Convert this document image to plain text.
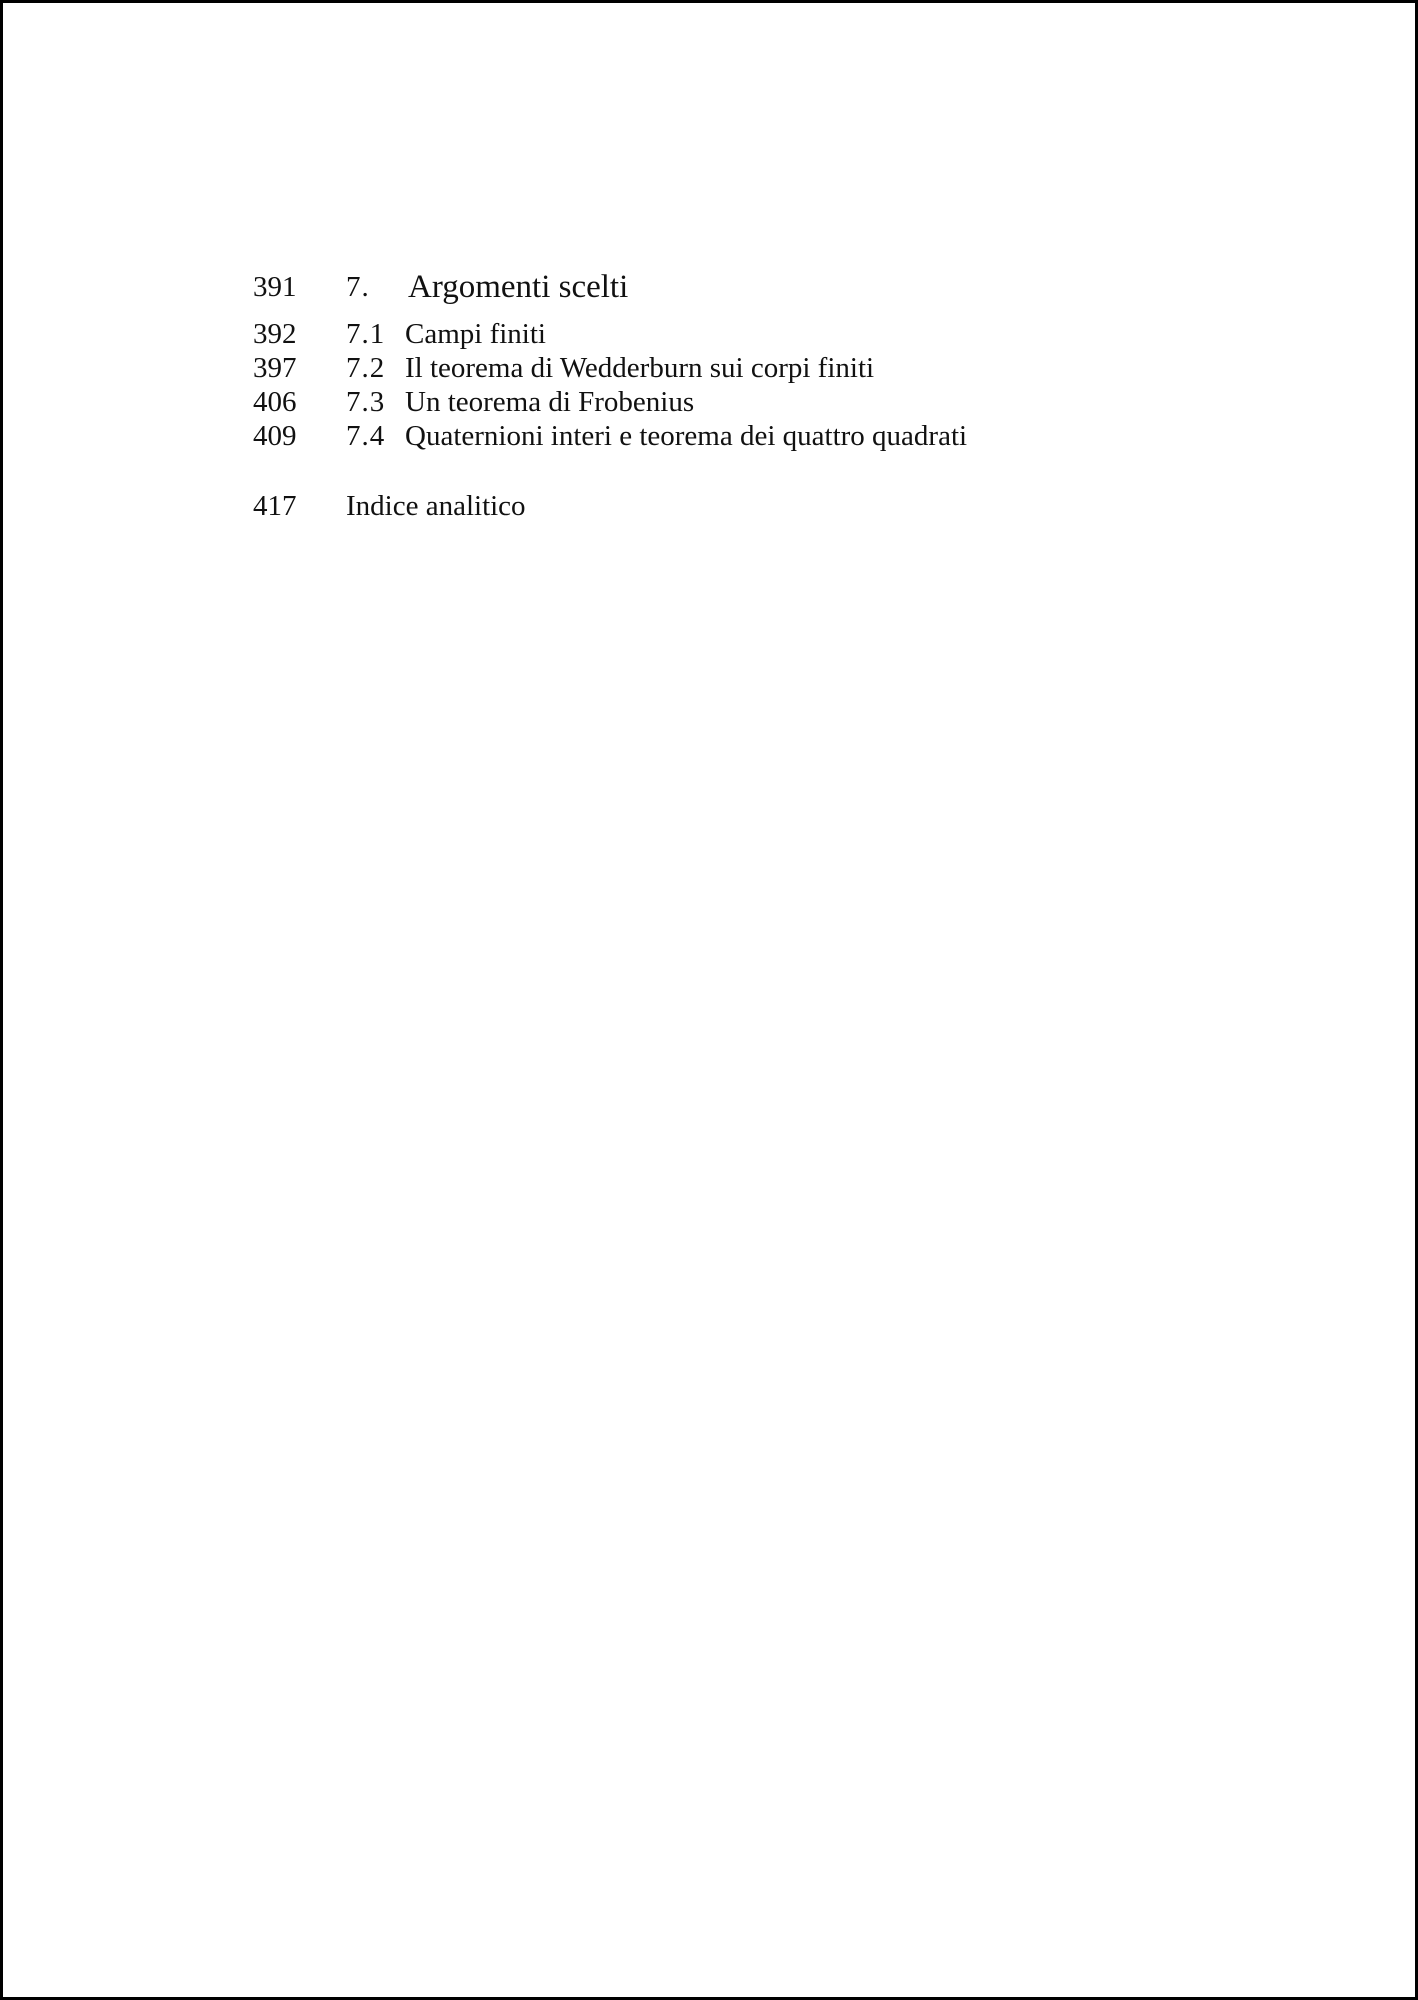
391 7. Argomenti scelti
392 7.1 Campi finiti
397 7.2 Il teorema di Wedderburn sui corpi finiti
406 7.3 Un teorema di Frobenius
409 7.4 Quaternioni interi e teorema dei quattro quadrati
417 Indice analitico
